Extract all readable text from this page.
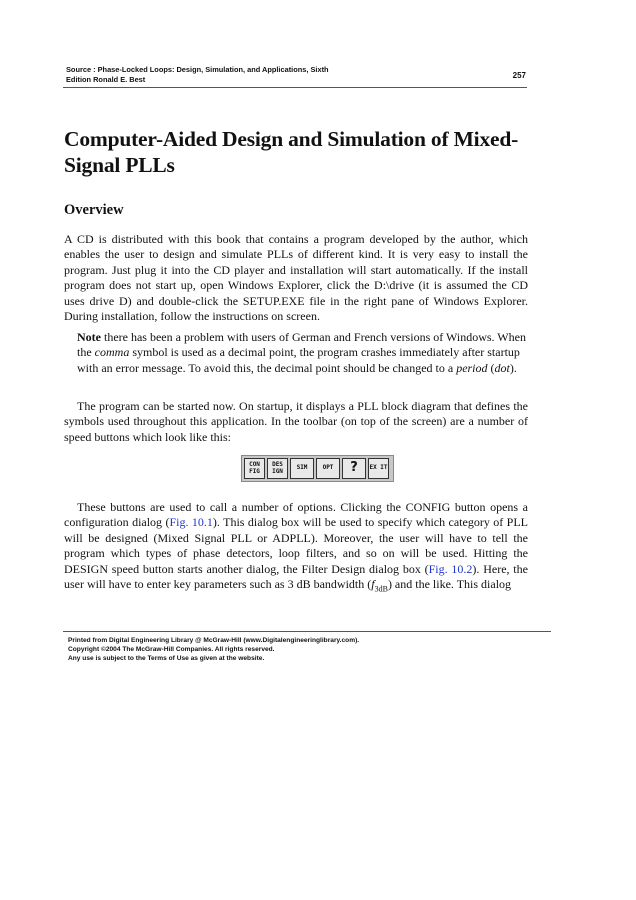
Source : Phase-Locked Loops: Design, Simulation, and Applications, Sixth
Edition Ronald E. Best	257
Computer-Aided Design and Simulation of Mixed-Signal PLLs
Overview
A CD is distributed with this book that contains a program developed by the author, which enables the user to design and simulate PLLs of different kind. It is very easy to install the program. Just plug it into the CD player and installation will start automatically. If the install program does not start up, open Windows Explorer, click the D:\drive (it is assumed the CD uses drive D) and double-click the SETUP.EXE file in the right pane of Windows Explorer. During installation, follow the instructions on screen.
Note there has been a problem with users of German and French versions of Windows. When the comma symbol is used as a decimal point, the program crashes immediately after startup with an error message. To avoid this, the decimal point should be changed to a period (dot).
The program can be started now. On startup, it displays a PLL block diagram that defines the symbols used throughout this application. In the toolbar (on top of the screen) are a number of speed buttons which look like this:
CON FIG
DES IGN	SIM	OPT	?	EX IT
These buttons are used to call a number of options. Clicking the CONFIG button opens a configuration dialog (Fig. 10.1). This dialog box will be used to specify which category of PLL will be designed (Mixed Signal PLL or ADPLL). Moreover, the user will have to tell the program which types of phase detectors, loop filters, and so on will be used. Hitting the DESIGN speed button starts another dialog, the Filter Design dialog box (Fig. 10.2). Here, the user will have to enter key parameters such as 3 dB bandwidth $(f_{3dB})$ and the like. This dialog
Printed from Digital Engineering Library @ McGraw-Hill (www.Digitalengineeringlibrary.com).
Copyright ©2004 The McGraw-Hill Companies. All rights reserved.
Any use is subject to the Terms of Use as given at the website.
